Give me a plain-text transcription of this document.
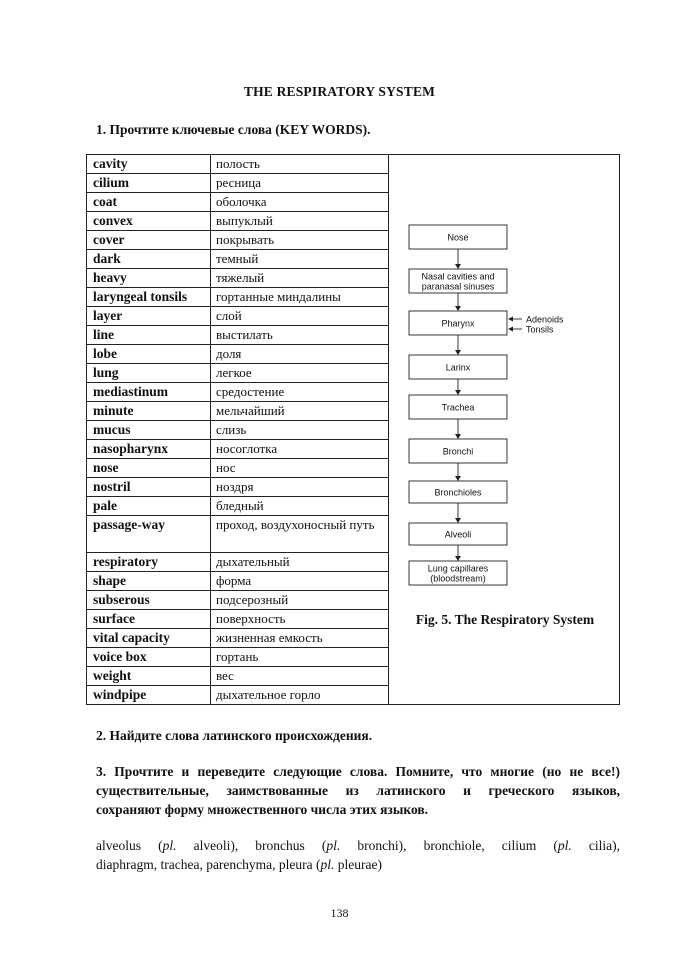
THE RESPIRATORY SYSTEM
1. Прочтите ключевые слова (KEY WORDS).
cavity	полость
cilium	ресница
coat	оболочка
convex	выпуклый
cover	покрывать
dark	темный
heavy	тяжелый
laryngeal tonsils	гортанные миндалины
layer	слой
line	выстилать
lobe	доля
lung	легкое
mediastinum	средостение
minute	мельчайший
mucus	слизь
nasopharynx	носоглотка
nose	нос
nostril	ноздря
pale	бледный
passage-way	проход, воздухоносный путь
respiratory	дыхательный
shape	форма
subserous	подсерозный
surface	поверхность
vital capacity	жизненная емкость
voice box	гортань
weight	вес
windpipe	дыхательное горло
Nose
Nasal cavities and
paranasal sinuses
Pharynx
Larinx
Trachea
Bronchi
Bronchioles
Alveoli
Lung capillares
(bloodstream)
Adenoids
Tonsils
Fig. 5. The Respiratory System
2. Найдите слова латинского происхождения.
3. Прочтите и переведите следующие слова. Помните, что многие (но не все!)
существительные, заимствованные из латинского и греческого языков,
сохраняют форму множественного числа этих языков.
alveolus (pl. alveoli), bronchus (pl. bronchi), bronchiole, cilium (pl. cilia),
diaphragm, trachea, parenchyma, pleura (pl. pleurae)
138
